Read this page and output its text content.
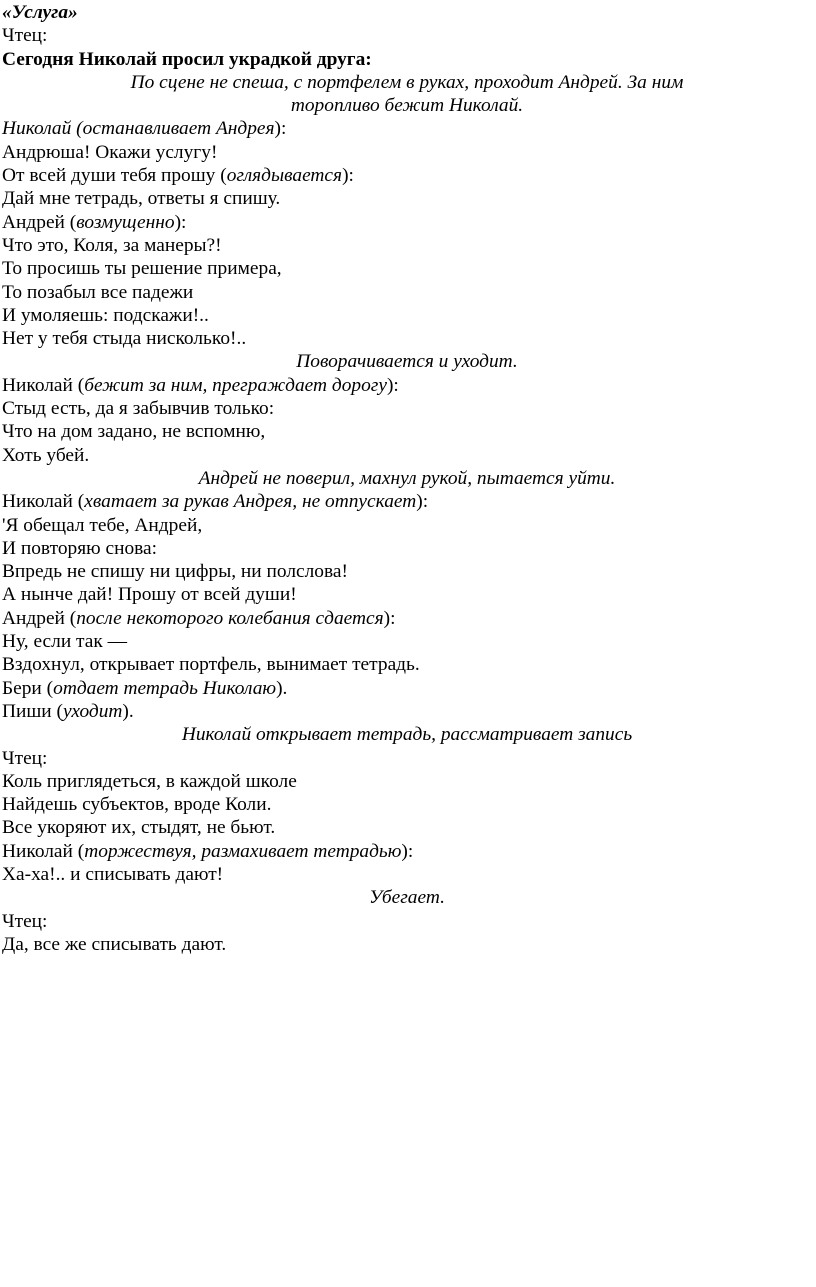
«Услуга»
Чтец:
Сегодня Николай просил украдкой друга:
По сцене не спеша, с портфелем в руках, проходит Андрей. За ним торопливо бежит Николай.
Николай (останавливает Андрея):
Андрюша! Окажи услугу!
От всей души тебя прошу (оглядывается):
Дай мне тетрадь, ответы я спишу.
Андрей (возмущенно):
Что это, Коля, за манеры?!
То просишь ты решение примера,
То позабыл все падежи
И умоляешь: подскажи!..
Нет у тебя стыда нисколько!..
Поворачивается и уходит.
Николай (бежит за ним, преграждает дорогу):
Стыд есть, да я забывчив только:
Что на дом задано, не вспомню,
Хоть убей.
Андрей не поверил, махнул рукой, пытается уйти.
Николай (хватает за рукав Андрея, не отпускает):
'Я обещал тебе, Андрей,
И повторяю снова:
Впредь не спишу ни цифры, ни полслова!
А нынче дай! Прошу от всей души!
Андрей (после некоторого колебания сдается):
Ну, если так —
Вздохнул, открывает портфель, вынимает тетрадь.
Бери (отдает тетрадь Николаю).
Пиши (уходит).
Николай открывает тетрадь, рассматривает запись
Чтец:
Коль приглядеться, в каждой школе
Найдешь субъектов, вроде Коли.
Все укоряют их, стыдят, не бьют.
Николай (торжествуя, размахивает тетрадью):
Ха-ха!.. и списывать дают!
Убегает.
Чтец:
Да, все же списывать дают.
